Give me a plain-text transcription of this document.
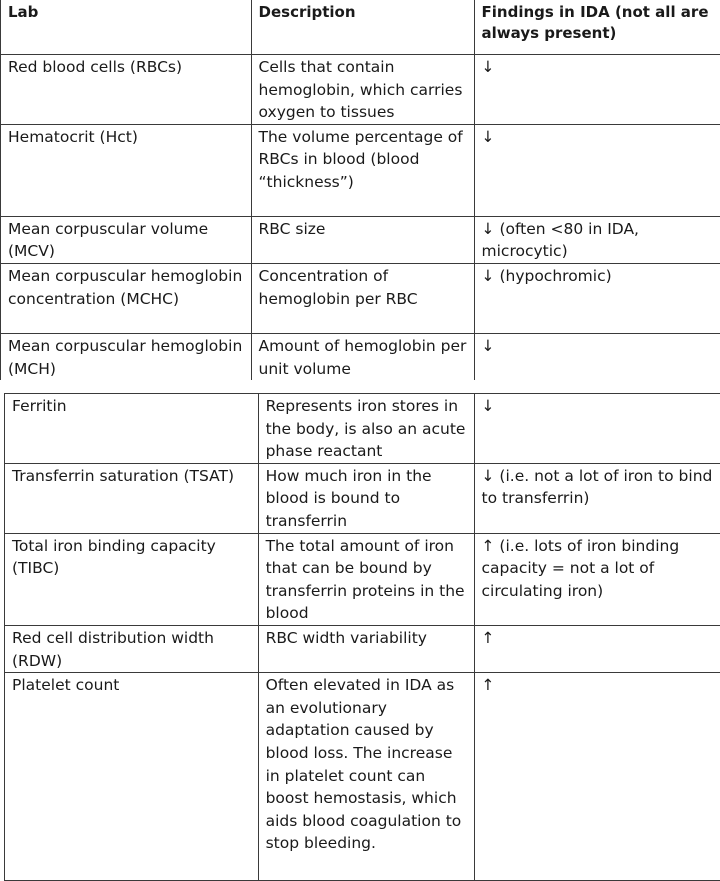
Lab	Description	Findings in IDA (not all are always present)
Red blood cells (RBCs)	Cells that contain hemoglobin, which carries oxygen to tissues	↓
Hematocrit (Hct)	The volume percentage of RBCs in blood (blood “thickness”)	↓
Mean corpuscular volume (MCV)	RBC size	↓ (often <80 in IDA, microcytic)
Mean corpuscular hemoglobin concentration (MCHC)	Concentration of hemoglobin per RBC	↓ (hypochromic)
Mean corpuscular hemoglobin (MCH)	Amount of hemoglobin per unit volume	↓
Ferritin	Represents iron stores in the body, is also an acute phase reactant	↓
Transferrin saturation (TSAT)	How much iron in the blood is bound to transferrin	↓ (i.e. not a lot of iron to bind to transferrin)
Total iron binding capacity (TIBC)	The total amount of iron that can be bound by transferrin proteins in the blood	↑ (i.e. lots of iron binding capacity = not a lot of circulating iron)
Red cell distribution width (RDW)	RBC width variability	↑
Platelet count	Often elevated in IDA as an evolutionary adaptation caused by blood loss. The increase in platelet count can boost hemostasis, which aids blood coagulation to stop bleeding.	↑
